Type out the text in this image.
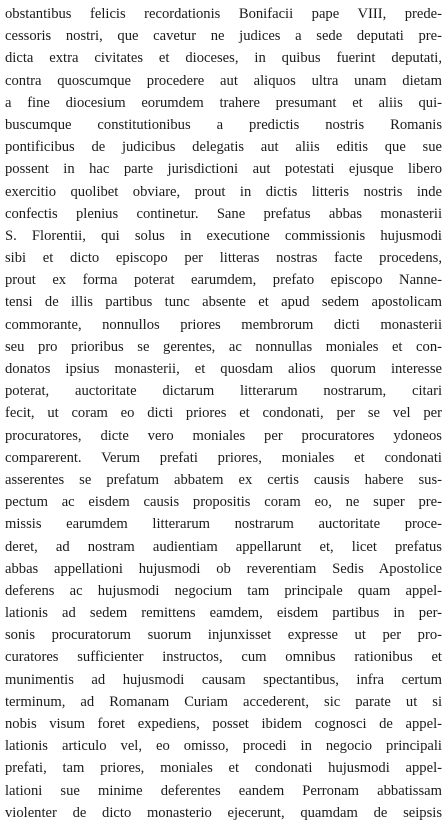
obstantibus felicis recordationis Bonifacii pape VIII, prede-
cessoris nostri, que cavetur ne judices a sede deputati pre-
dicta extra civitates et dioceses, in quibus fuerint deputati,
contra quoscumque procedere aut aliquos ultra unam dietam
a fine diocesium eorumdem trahere presumant et aliis qui-
buscumque constitutionibus a predictis nostris Romanis
pontificibus de judicibus delegatis aut aliis editis que sue
possent in hac parte jurisdictioni aut potestati ejusque libero
exercitio quolibet obviare, prout in dictis litteris nostris inde
confectis plenius continetur. Sane prefatus abbas monasterii
S. Florentii, qui solus in executione commissionis hujusmodi
sibi et dicto episcopo per litteras nostras facte procedens,
prout ex forma poterat earumdem, prefato episcopo Nanne-
tensi de illis partibus tunc absente et apud sedem apostolicam
commorante, nonnullos priores membrorum dicti monasterii
seu pro prioribus se gerentes, ac nonnullas moniales et con-
donatos ipsius monasterii, et quosdam alios quorum interesse
poterat, auctoritate dictarum litterarum nostrarum, citari
fecit, ut coram eo dicti priores et condonati, per se vel per
procuratores, dicte vero moniales per procuratores ydoneos
comparerent. Verum prefati priores, moniales et condonati
asserentes se prefatum abbatem ex certis causis habere sus-
pectum ac eisdem causis propositis coram eo, ne super pre-
missis earumdem litterarum nostrarum auctoritate proce-
deret, ad nostram audientiam appellarunt et, licet prefatus
abbas appellationi hujusmodi ob reverentiam Sedis Apostolice
deferens ac hujusmodi negocium tam principale quam appel-
lationis ad sedem remittens eamdem, eisdem partibus in per-
sonis procuratorum suorum injunxisset expresse ut per pro-
curatores sufficienter instructos, cum omnibus rationibus et
munimentis ad hujusmodi causam spectantibus, infra certum
terminum, ad Romanam Curiam accederent, sic parate ut si
nobis visum foret expediens, posset ibidem cognosci de appel-
lationis articulo vel, eo omisso, procedi in negocio principali
prefati, tam priores, moniales et condonati hujusmodi appel-
lationi sue minime deferentes eandem Perronam abbatissam
violenter de dicto monasterio ejecerunt, quamdam de seipsis
